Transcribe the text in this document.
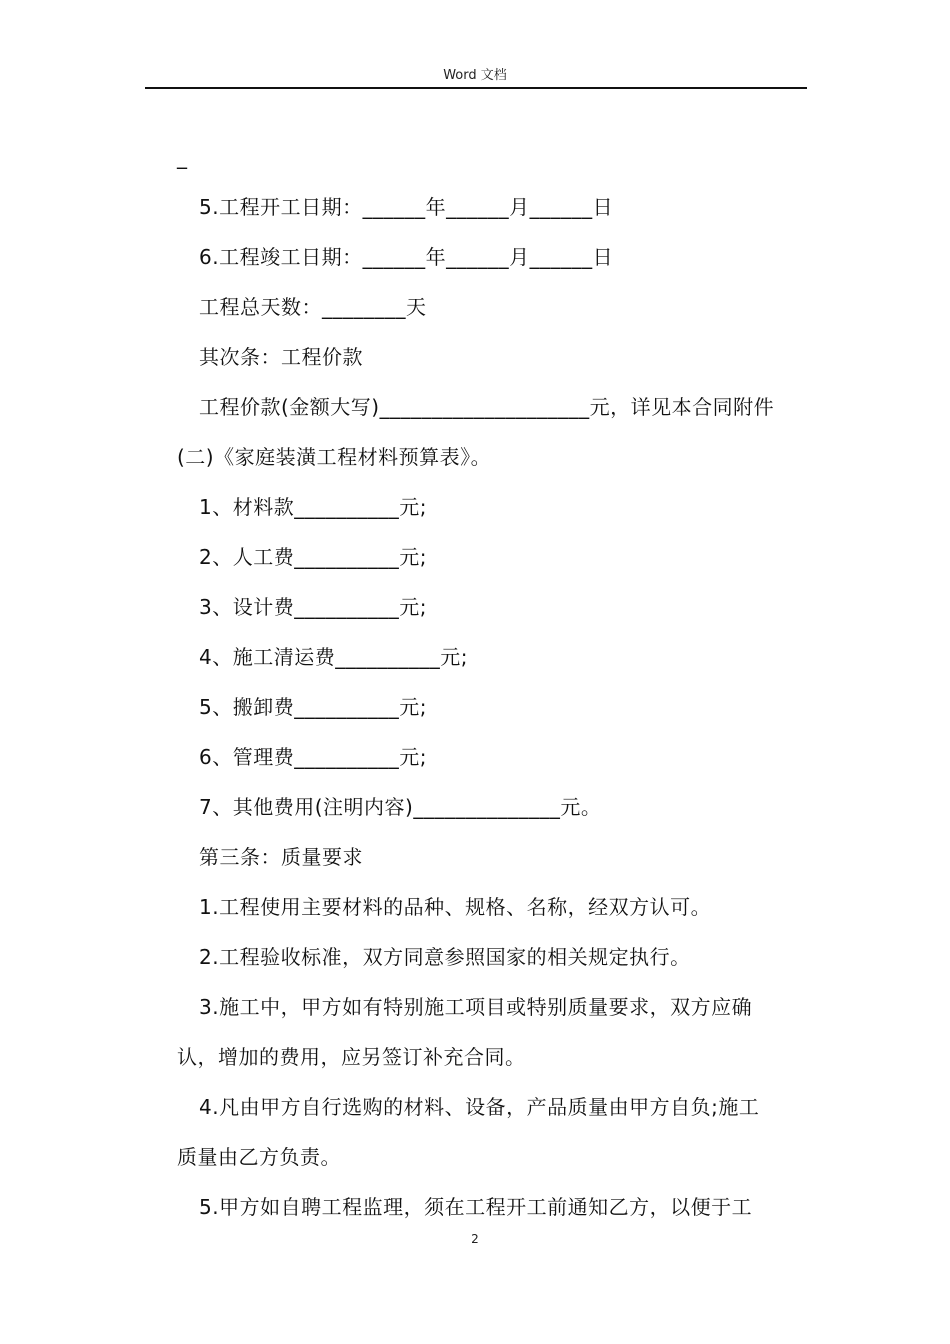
Word 文档
_
5.工程开工日期：______年______月______日
6.工程竣工日期：______年______月______日
工程总天数：________天
其次条：工程价款
工程价款(金额大写)____________________元，详见本合同附件
(二)《家庭装潢工程材料预算表》。
1、材料款__________元;
2、人工费__________元;
3、设计费__________元;
4、施工清运费__________元;
5、搬卸费__________元;
6、管理费__________元;
7、其他费用(注明内容)______________元。
第三条：质量要求
1.工程使用主要材料的品种、规格、名称，经双方认可。
2.工程验收标准，双方同意参照国家的相关规定执行。
3.施工中，甲方如有特别施工项目或特别质量要求，双方应确
认，增加的费用，应另签订补充合同。
4.凡由甲方自行选购的材料、设备，产品质量由甲方自负;施工
质量由乙方负责。
5.甲方如自聘工程监理，须在工程开工前通知乙方，以便于工
2
